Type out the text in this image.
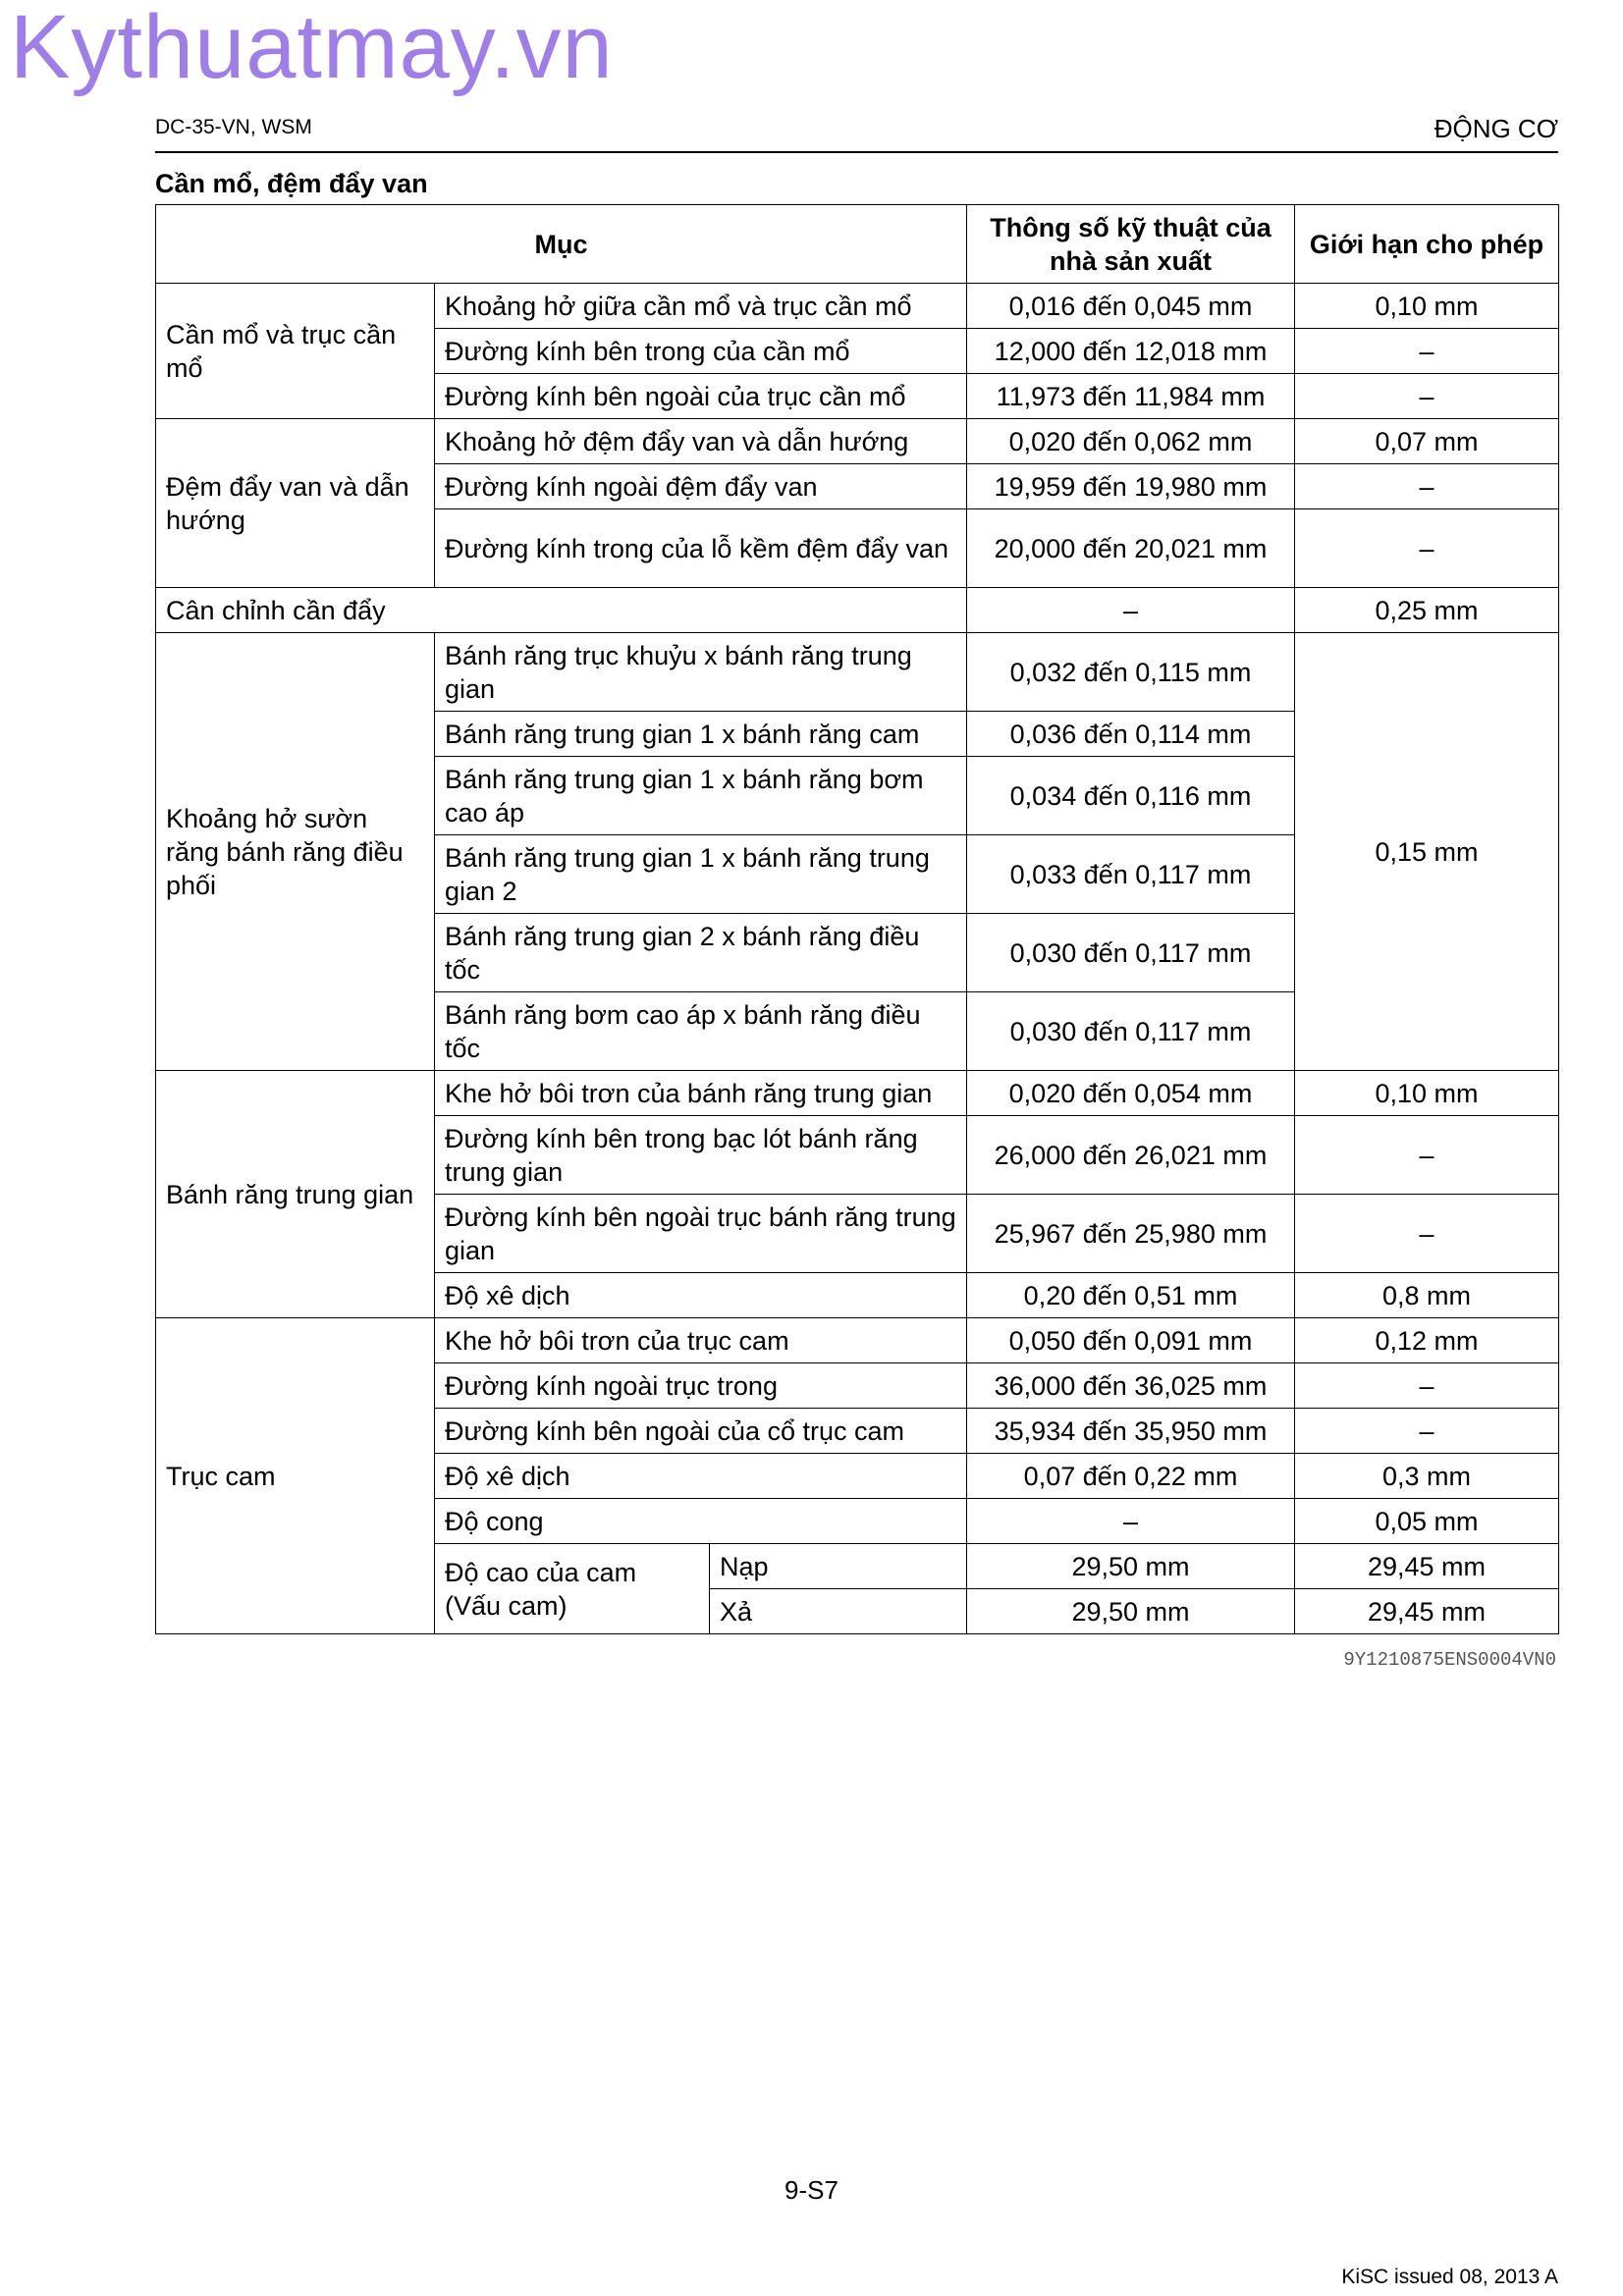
Kythuatmay.vn
DC-35-VN, WSM	ĐỘNG CƠ
Cần mổ, đệm đẩy van
Mục			Thông số kỹ thuật của nhà sản xuất	Giới hạn cho phép
Cần mổ và trục cần mổ	Khoảng hở giữa cần mổ và trục cần mổ		0,016 đến 0,045 mm	0,10 mm
	Đường kính bên trong của cần mổ		12,000 đến 12,018 mm	–
	Đường kính bên ngoài của trục cần mổ		11,973 đến 11,984 mm	–
Đệm đẩy van và dẫn hướng	Khoảng hở đệm đẩy van và dẫn hướng		0,020 đến 0,062 mm	0,07 mm
	Đường kính ngoài đệm đẩy van		19,959 đến 19,980 mm	–
	Đường kính trong của lỗ kềm đệm đẩy van		20,000 đến 20,021 mm	–
Cân chỉnh cần đẩy			–	0,25 mm
Khoảng hở sườn răng bánh răng điều phối	Bánh răng trục khuỷu x bánh răng trung gian		0,032 đến 0,115 mm	0,15 mm
	Bánh răng trung gian 1 x bánh răng cam		0,036 đến 0,114 mm	
	Bánh răng trung gian 1 x bánh răng bơm cao áp		0,034 đến 0,116 mm	
	Bánh răng trung gian 1 x bánh răng trung gian 2		0,033 đến 0,117 mm	
	Bánh răng trung gian 2 x bánh răng điều tốc		0,030 đến 0,117 mm	
	Bánh răng bơm cao áp x bánh răng điều tốc		0,030 đến 0,117 mm	
Bánh răng trung gian	Khe hở bôi trơn của bánh răng trung gian		0,020 đến 0,054 mm	0,10 mm
	Đường kính bên trong bạc lót bánh răng trung gian		26,000 đến 26,021 mm	–
	Đường kính bên ngoài trục bánh răng trung gian		25,967 đến 25,980 mm	–
	Độ xê dịch		0,20 đến 0,51 mm	0,8 mm
Trục cam	Khe hở bôi trơn của trục cam		0,050 đến 0,091 mm	0,12 mm
	Đường kính ngoài trục trong		36,000 đến 36,025 mm	–
	Đường kính bên ngoài của cổ trục cam		35,934 đến 35,950 mm	–
	Độ xê dịch		0,07 đến 0,22 mm	0,3 mm
	Độ cong		–	0,05 mm
	Độ cao của cam (Vấu cam)	Nạp	29,50 mm	29,45 mm
		Xả	29,50 mm	29,45 mm
9Y1210875ENS0004VN0
9-S7
KiSC issued 08, 2013 A
